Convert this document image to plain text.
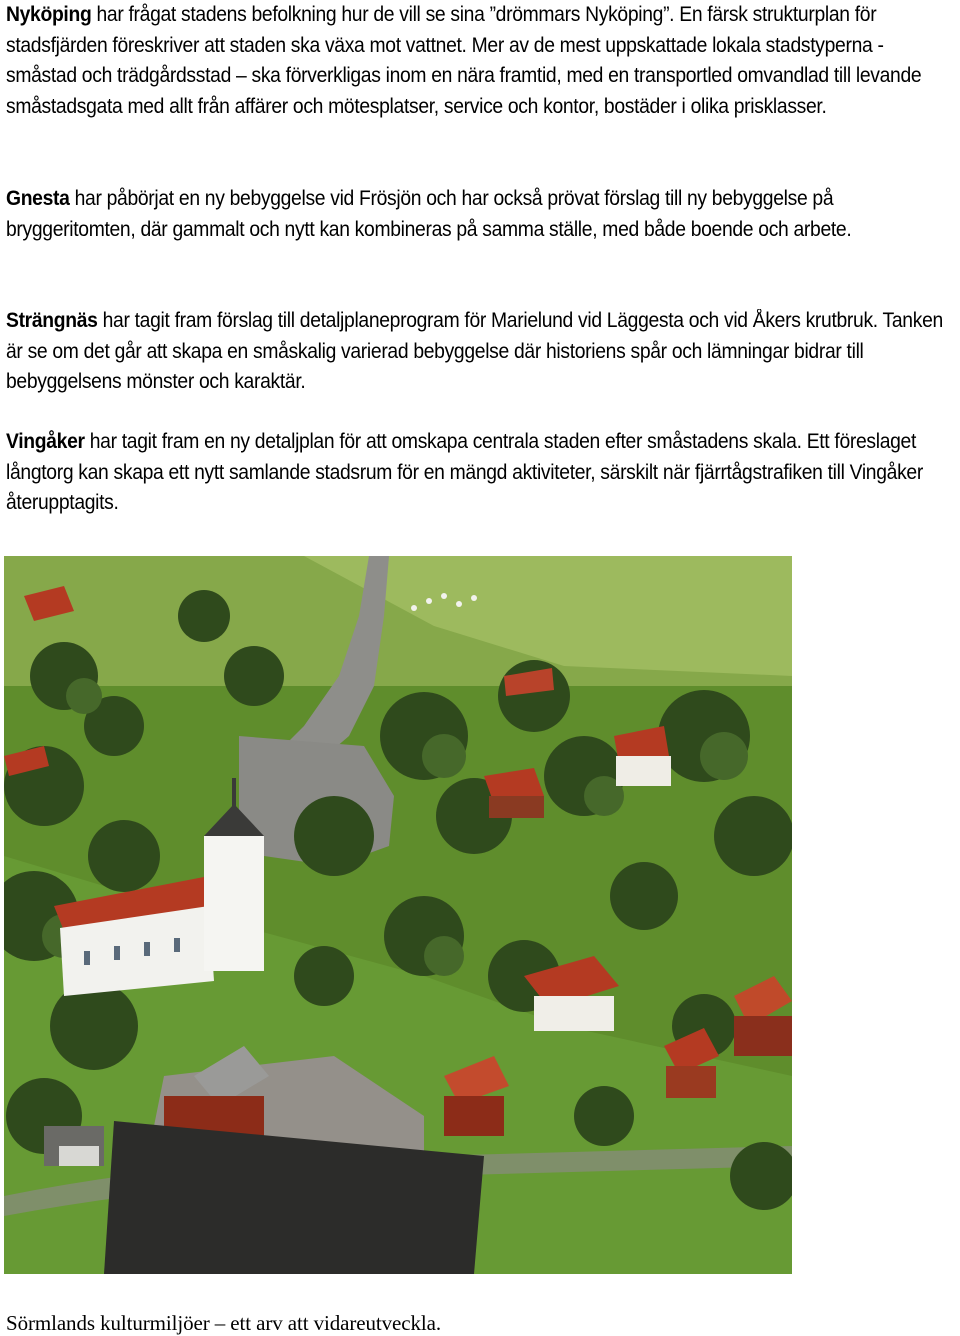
Nyköping har frågat stadens befolkning hur de vill se sina ”drömmars Nyköping”. En färsk strukturplan för stadsfjärden föreskriver att staden ska växa mot vattnet. Mer av de mest uppskattade lokala stadstyperna - småstad och trädgårdsstad – ska förverkligas inom en nära framtid, med en transportled omvandlad till levande småstadsgata med allt från affärer och mötesplatser, service och kontor, bostäder i olika prisklasser.

Gnesta har påbörjat en ny bebyggelse vid Frösjön och har också prövat förslag till ny bebyggelse på bryggeritomten, där gammalt och nytt kan kombineras på samma ställe, med både boende och arbete.

Strängnäs har tagit fram förslag till detaljplaneprogram för Marielund vid Läggesta och vid Åkers krutbruk. Tanken är se om det går att skapa en småskalig varierad bebyggelse där historiens spår och lämningar bidrar till bebyggelsens mönster och karaktär.

Vingåker har tagit fram en ny detaljplan för att omskapa centrala staden efter småstadens skala. Ett föreslaget långtorg kan skapa ett nytt samlande stadsrum för en mängd aktiviteter, särskilt när fjärrtågstrafiken till Vingåker återupptagits.

Sörmlands kulturmiljöer – ett arv att vidareutveckla.
